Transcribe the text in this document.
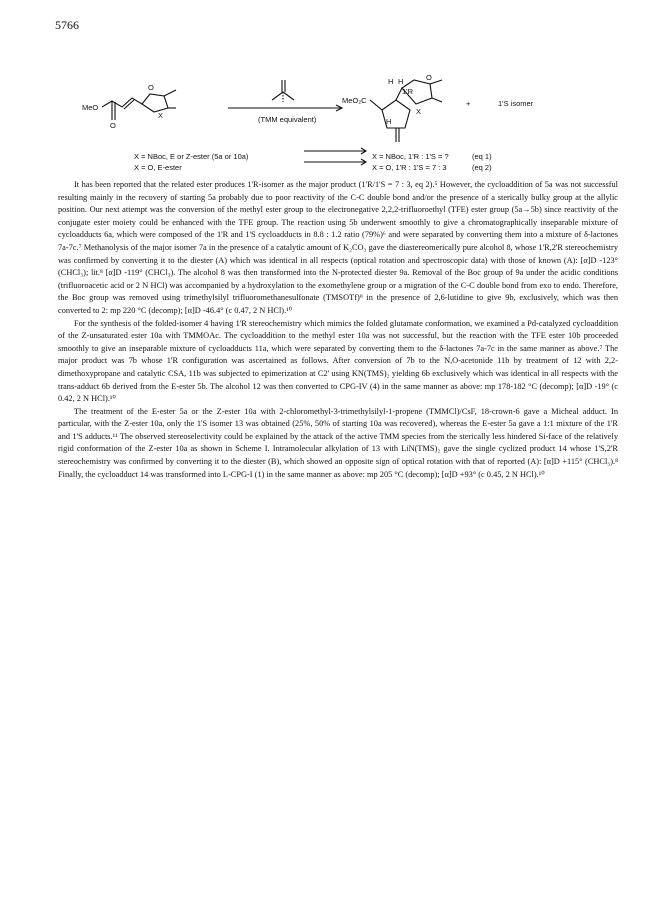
5766
MeO
X
O
O
(TMM equivalent)
MeO₂C
H H
1'R
O
X
H
+	1'S isomer
X = NBoc, E or Z-ester (5a or 10a)	X = NBoc, 1'R : 1'S = ?	(eq 1)
X = O, E-ester	X = O, 1'R : 1'S = 7 : 3	(eq 2)

It has been reported that the related ester produces 1'R-isomer as the major product (1'R/1'S = 7 : 3, eq 2).⁵ However, the cycloaddition of 5a was not successful resulting mainly in the recovery of starting 5a probably due to poor reactivity of the C-C double bond and/or the presence of a sterically bulky group at the allylic position. Our next attempt was the conversion of the methyl ester group to the electronegative 2,2,2-trifluoroethyl (TFE) ester group (5a→5b) since reactivity of the conjugate ester moiety could be enhanced with the TFE group. The reaction using 5b underwent smoothly to give a chromatographically inseparable mixture of cycloadducts 6a, which were composed of the 1'R and 1'S cycloadducts in 8.8 : 1.2 ratio (79%)⁶ and were separated by converting them into a mixture of δ-lactones 7a-7c.⁷ Methanolysis of the major isomer 7a in the presence of a catalytic amount of K₂CO₃ gave the diastereomerically pure alcohol 8, whose 1'R,2'R stereochemistry was confirmed by converting it to the diester (A) which was identical in all respects (optical rotation and spectroscopic data) with those of known (A): [α]D -123° (CHCl₃); lit.⁸ [α]D -119° (CHCl₃). The alcohol 8 was then transformed into the N-protected diester 9a. Removal of the Boc group of 9a under the acidic conditions (trifluoroacetic acid or 2 N HCl) was accompanied by a hydroxylation to the exomethylene group or a migration of the C-C double bond from exo to endo. Therefore, the Boc group was removed using trimethylsilyl trifluoromethanesulfonate (TMSOTf)⁹ in the presence of 2,6-lutidine to give 9b, exclusively, which was then converted to 2: mp 220 °C (decomp); [α]D -46.4° (c 0.47, 2 N HCl).¹⁰

For the synthesis of the folded-isomer 4 having 1'R stereochemistry which mimics the folded glutamate conformation, we examined a Pd-catalyzed cycloaddition of the Z-unsaturated ester 10a with TMMOAc. The cycloaddition to the methyl ester 10a was not successful, but the reaction with the TFE ester 10b proceeded smoothly to give an inseparable mixture of cycloadducts 11a, which were separated by converting them to the δ-lactones 7a-7c in the same manner as above.⁷ The major product was 7b whose 1'R configuration was ascertained as follows. After conversion of 7b to the N,O-acetonide 11b by treatment of 12 with 2,2-dimethoxypropane and catalytic CSA, 11b was subjected to epimerization at C2' using KN(TMS)₂ yielding 6b exclusively which was identical in all respects with the trans-adduct 6b derived from the E-ester 5b. The alcohol 12 was then converted to CPG-IV (4) in the same manner as above: mp 178-182 °C (decomp); [α]D -19° (c 0.42, 2 N HCl).¹⁰

The treatment of the E-ester 5a or the Z-ester 10a with 2-chloromethyl-3-trimethylsilyl-1-propene (TMMCl)/CsF, 18-crown-6 gave a Micheal adduct. In particular, with the Z-ester 10a, only the 1'S isomer 13 was obtained (25%, 50% of starting 10a was recovered), whereas the E-ester 5a gave a 1:1 mixture of the 1'R and 1'S adducts.¹¹ The observed stereoselectivity could be explained by the attack of the active TMM species from the sterically less hindered Si-face of the relatively rigid conformation of the Z-ester 10a as shown in Scheme I. Intramolecular alkylation of 13 with LiN(TMS)₂ gave the single cyclized product 14 whose 1'S,2'R stereochemistry was confirmed by converting it to the diester (B), which showed an opposite sign of optical rotation with that of reported (A): [α]D +115° (CHCl₃).⁸ Finally, the cycloadduct 14 was transformed into L-CPG-I (1) in the same manner as above: mp 205 °C (decomp); [α]D +93° (c 0.45, 2 N HCl).¹⁰
